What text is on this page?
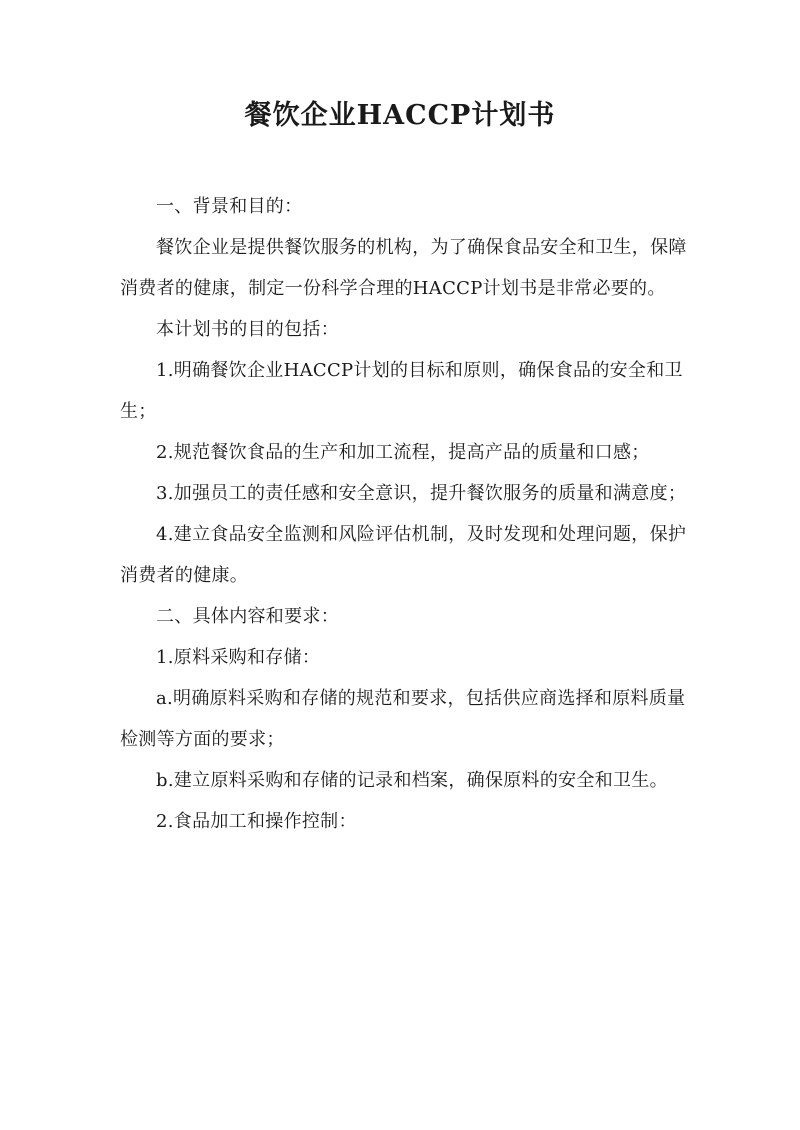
餐饮企业HACCP计划书

一、背景和目的：

餐饮企业是提供餐饮服务的机构，为了确保食品安全和卫生，保障消费者的健康，制定一份科学合理的HACCP计划书是非常必要的。

本计划书的目的包括：

1.明确餐饮企业HACCP计划的目标和原则，确保食品的安全和卫生；

2.规范餐饮食品的生产和加工流程，提高产品的质量和口感；

3.加强员工的责任感和安全意识，提升餐饮服务的质量和满意度；

4.建立食品安全监测和风险评估机制，及时发现和处理问题，保护消费者的健康。

二、具体内容和要求：

1.原料采购和存储：

a.明确原料采购和存储的规范和要求，包括供应商选择和原料质量检测等方面的要求；

b.建立原料采购和存储的记录和档案，确保原料的安全和卫生。

2.食品加工和操作控制：
